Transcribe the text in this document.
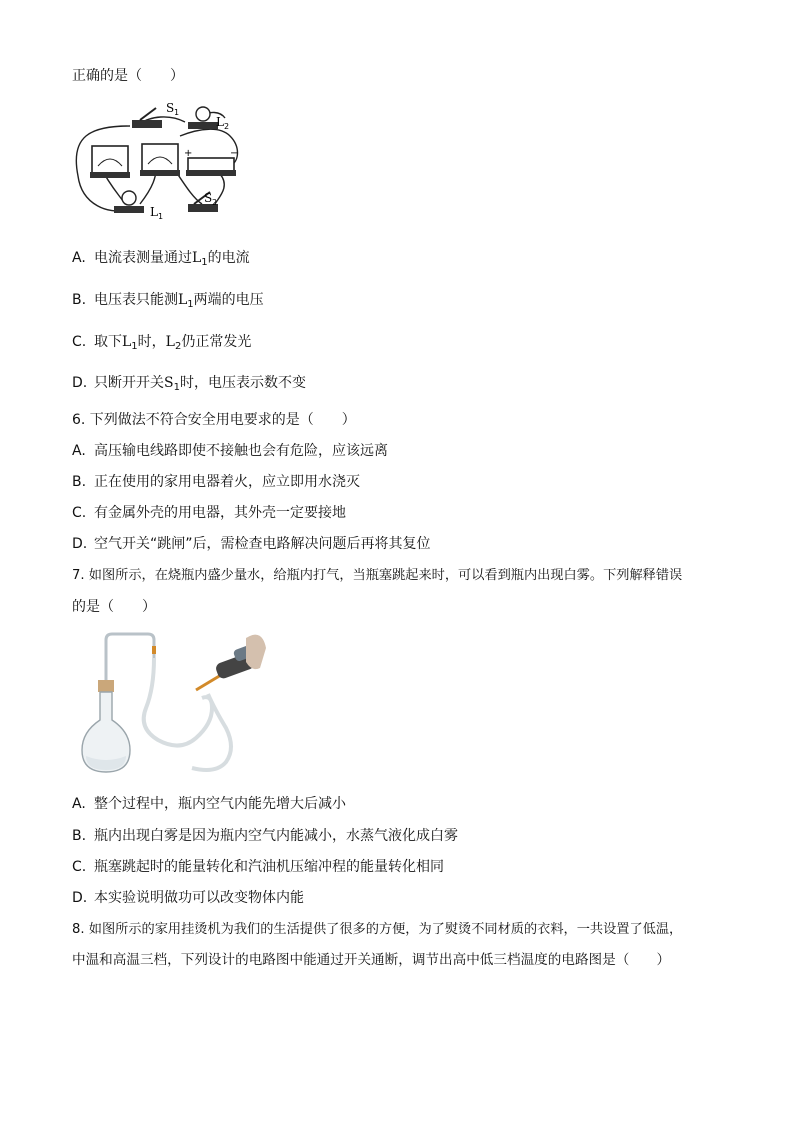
正确的是（　　）
S 1
L 2
L 1
S 2
+	−
A. 电流表测量通过$L_1$的电流
B. 电压表只能测$L_1$两端的电压
C. 取下$L_1$时，$L_2$仍正常发光
D. 只断开开关$S_1$时，电压表示数不变
6. 下列做法不符合安全用电要求的是（　　）
A. 高压输电线路即使不接触也会有危险，应该远离
B. 正在使用的家用电器着火，应立即用水浇灭
C. 有金属外壳的用电器，其外壳一定要接地
D. 空气开关“跳闸”后，需检查电路解决问题后再将其复位
7. 如图所示，在烧瓶内盛少量水，给瓶内打气，当瓶塞跳起来时，可以看到瓶内出现白雾。下列解释错误
的是（　　）
A. 整个过程中，瓶内空气内能先增大后减小
B. 瓶内出现白雾是因为瓶内空气内能减小，水蒸气液化成白雾
C. 瓶塞跳起时的能量转化和汽油机压缩冲程的能量转化相同
D. 本实验说明做功可以改变物体内能
8. 如图所示的家用挂烫机为我们的生活提供了很多的方便，为了熨烫不同材质的衣料，一共设置了低温，
中温和高温三档，下列设计的电路图中能通过开关通断，调节出高中低三档温度的电路图是（　　）
